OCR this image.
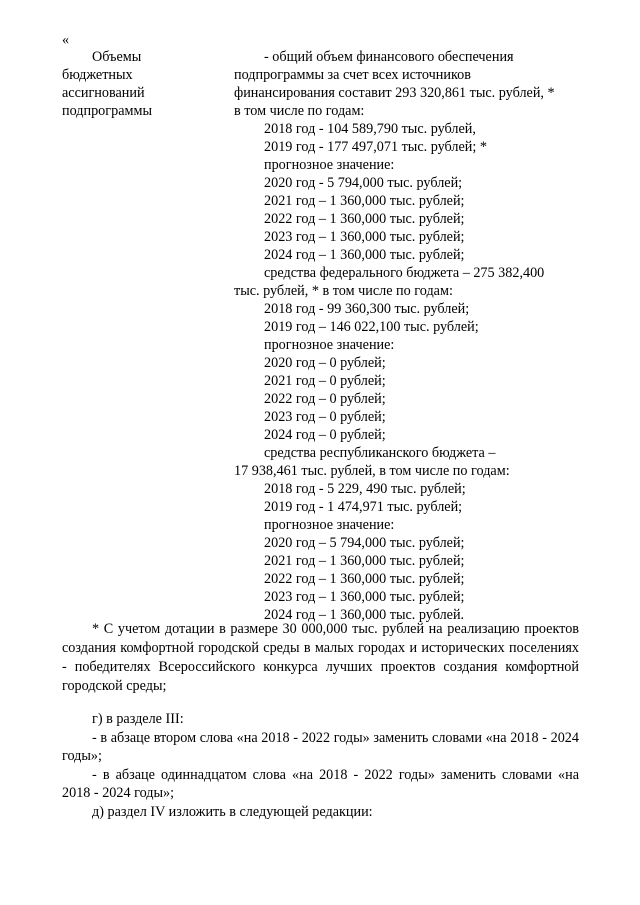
«
Объемы
бюджетных
ассигнований
подпрограммы
- общий объем финансового обеспечения
подпрограммы за счет всех источников
финансирования составит 293 320,861 тыс. рублей, *
в том числе по годам:
2018 год - 104 589,790 тыс. рублей,
2019 год - 177 497,071 тыс. рублей; *
прогнозное значение:
2020 год - 5 794,000 тыс. рублей;
2021 год – 1 360,000 тыс. рублей;
2022 год – 1 360,000 тыс. рублей;
2023 год – 1 360,000 тыс. рублей;
2024 год – 1 360,000 тыс. рублей;
средства федерального бюджета – 275 382,400
тыс. рублей, * в том числе по годам:
2018 год - 99 360,300 тыс. рублей;
2019 год – 146 022,100 тыс. рублей;
прогнозное значение:
2020 год – 0 рублей;
2021 год – 0 рублей;
2022 год – 0 рублей;
2023 год – 0 рублей;
2024 год – 0 рублей;
средства республиканского бюджета –
17 938,461 тыс. рублей, в том числе по годам:
2018 год - 5 229, 490 тыс. рублей;
2019 год - 1 474,971 тыс. рублей;
прогнозное значение:
2020 год – 5 794,000 тыс. рублей;
2021 год – 1 360,000 тыс. рублей;
2022 год – 1 360,000 тыс. рублей;
2023 год – 1 360,000 тыс. рублей;
2024 год – 1 360,000 тыс. рублей.
* С учетом дотации в размере 30 000,000 тыс. рублей на реализацию проектов создания комфортной городской среды в малых городах и исторических поселениях - победителях Всероссийского конкурса лучших проектов создания комфортной городской среды;
г) в разделе III:
- в абзаце втором слова «на 2018 - 2022 годы» заменить словами «на 2018 - 2024 годы»;
- в абзаце одиннадцатом слова «на 2018 - 2022 годы» заменить словами «на 2018 - 2024 годы»;
д) раздел IV изложить в следующей редакции:
